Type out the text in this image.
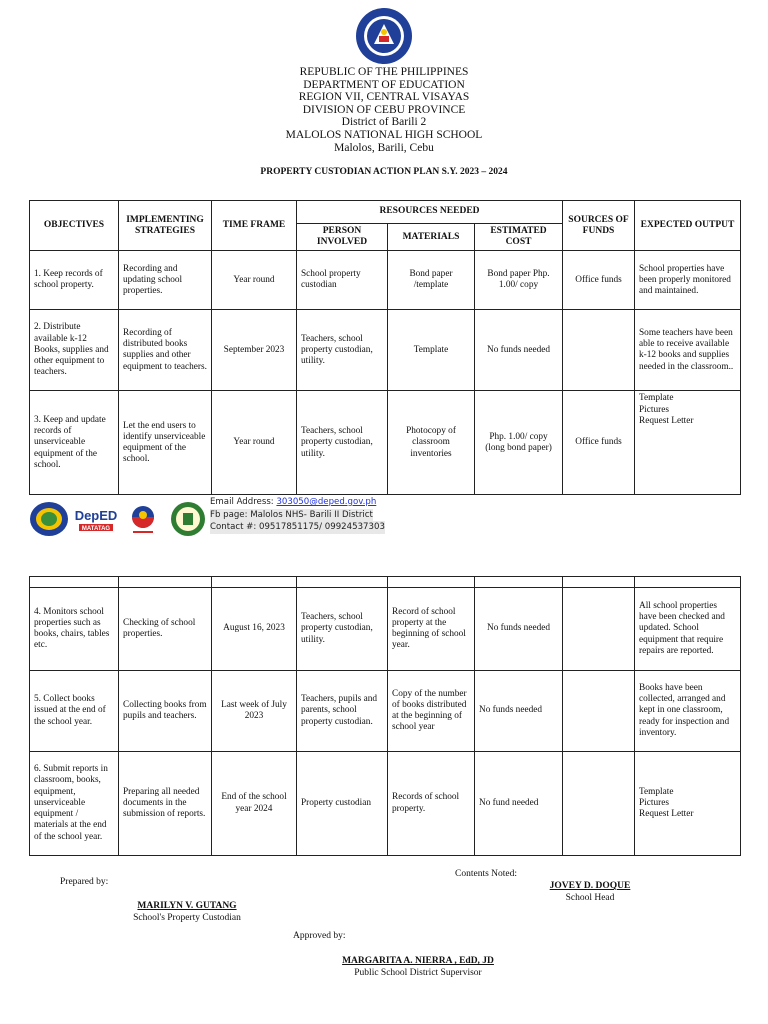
REPUBLIC OF THE PHILIPPINES
DEPARTMENT OF EDUCATION
REGION VII, CENTRAL VISAYAS
DIVISION OF CEBU PROVINCE
District of Barili 2
MALOLOS NATIONAL HIGH SCHOOL
Malolos, Barili, Cebu
PROPERTY CUSTODIAN ACTION PLAN S.Y. 2023 – 2024
OBJECTIVES	IMPLEMENTING STRATEGIES	TIME FRAME	RESOURCES NEEDED			SOURCES OF FUNDS	EXPECTED OUTPUT
			PERSON INVOLVED	MATERIALS	ESTIMATED COST		
1. Keep records of school property.	Recording and updating school properties.	Year round	School property custodian	Bond paper /template	Bond paper Php. 1.00/ copy	Office funds	School properties have been properly monitored and maintained.
2. Distribute available k-12 Books, supplies and other equipment to teachers.	Recording of distributed books supplies and other equipment to teachers.	September 2023	Teachers, school property custodian, utility.	Template	No funds needed		Some teachers have been able to receive available k-12 books and supplies needed in the classroom..
3. Keep and update records of unserviceable equipment of the school.	Let the end users to identify unserviceable equipment of the school.	Year round	Teachers, school property custodian, utility.	Photocopy of classroom inventories	Php. 1.00/ copy (long bond paper)	Office funds	Template
Pictures
Request Letter
DepED
MATATAG
Email Address: 303050@deped.gov.ph
Fb page: Malolos NHS- Barili II District
Contact #: 09517851175/ 09924537303

4. Monitors school properties such as books, chairs, tables etc.	Checking of school properties.	August 16, 2023	Teachers, school property custodian, utility.	Record of school property at the beginning of school year.	No funds needed		All school properties have been checked and updated. School equipment that require repairs are reported.
5. Collect books issued at the end of the school year.	Collecting books from pupils and teachers.	Last week of July 2023	Teachers, pupils and parents, school property custodian.	Copy of the number of books distributed at the beginning of school year	No funds needed		Books have been collected, arranged and kept in one classroom, ready for inspection and inventory.
6. Submit reports in classroom, books, equipment, unserviceable equipment / materials at the end of the school year.	Preparing all needed documents in the submission of reports.	End of the school year 2024	Property custodian	Records of school property.	No fund needed		Template
Pictures
Request Letter
Prepared by:
MARILYN V. GUTANG
School's Property Custodian
Contents Noted:
JOVEY D. DOQUE
School Head
Approved by:
MARGARITA A. NIERRA , EdD, JD
Public School District Supervisor
